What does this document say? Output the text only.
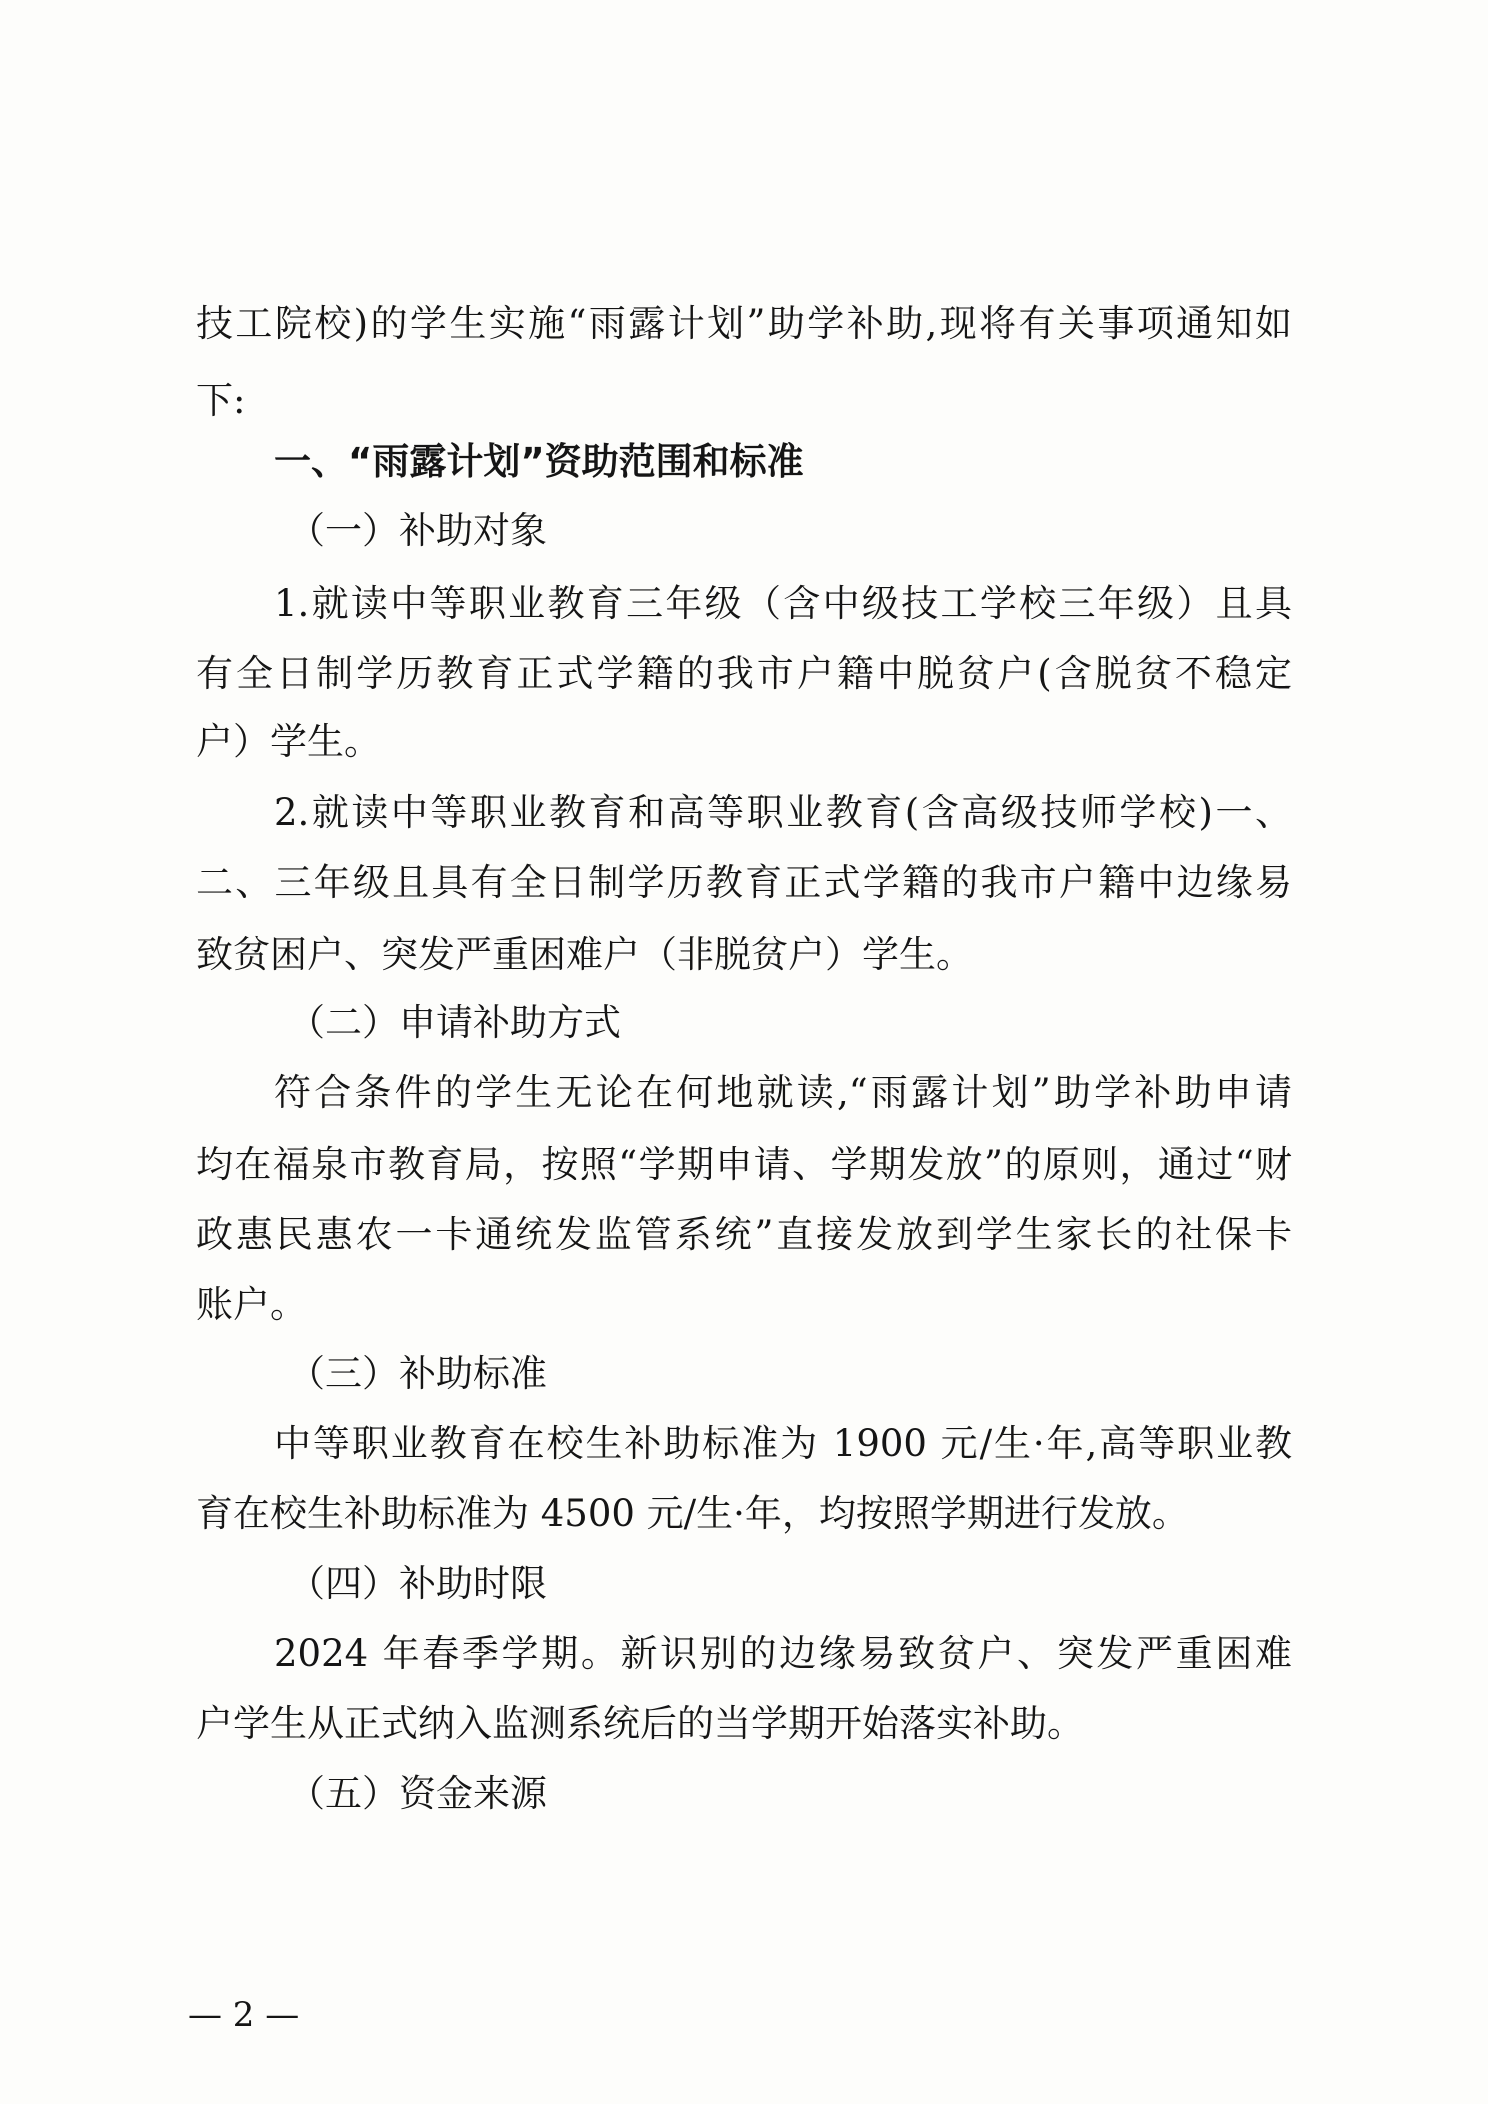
技工院校)的学生实施“雨露计划”助学补助,现将有关事项通知如
下:
一、“雨露计划”资助范围和标准
（一）补助对象
1.就读中等职业教育三年级（含中级技工学校三年级）且具
有全日制学历教育正式学籍的我市户籍中脱贫户(含脱贫不稳定
户）学生。
2.就读中等职业教育和高等职业教育(含高级技师学校)一、
二、三年级且具有全日制学历教育正式学籍的我市户籍中边缘易
致贫困户、突发严重困难户（非脱贫户）学生。
（二）申请补助方式
符合条件的学生无论在何地就读,“雨露计划”助学补助申请
均在福泉市教育局，按照“学期申请、学期发放”的原则，通过“财
政惠民惠农一卡通统发监管系统”直接发放到学生家长的社保卡
账户。
（三）补助标准
中等职业教育在校生补助标准为 1900 元/生·年,高等职业教
育在校生补助标准为 4500 元/生·年，均按照学期进行发放。
（四）补助时限
2024 年春季学期。新识别的边缘易致贫户、突发严重困难
户学生从正式纳入监测系统后的当学期开始落实补助。
（五）资金来源
— 2 —
